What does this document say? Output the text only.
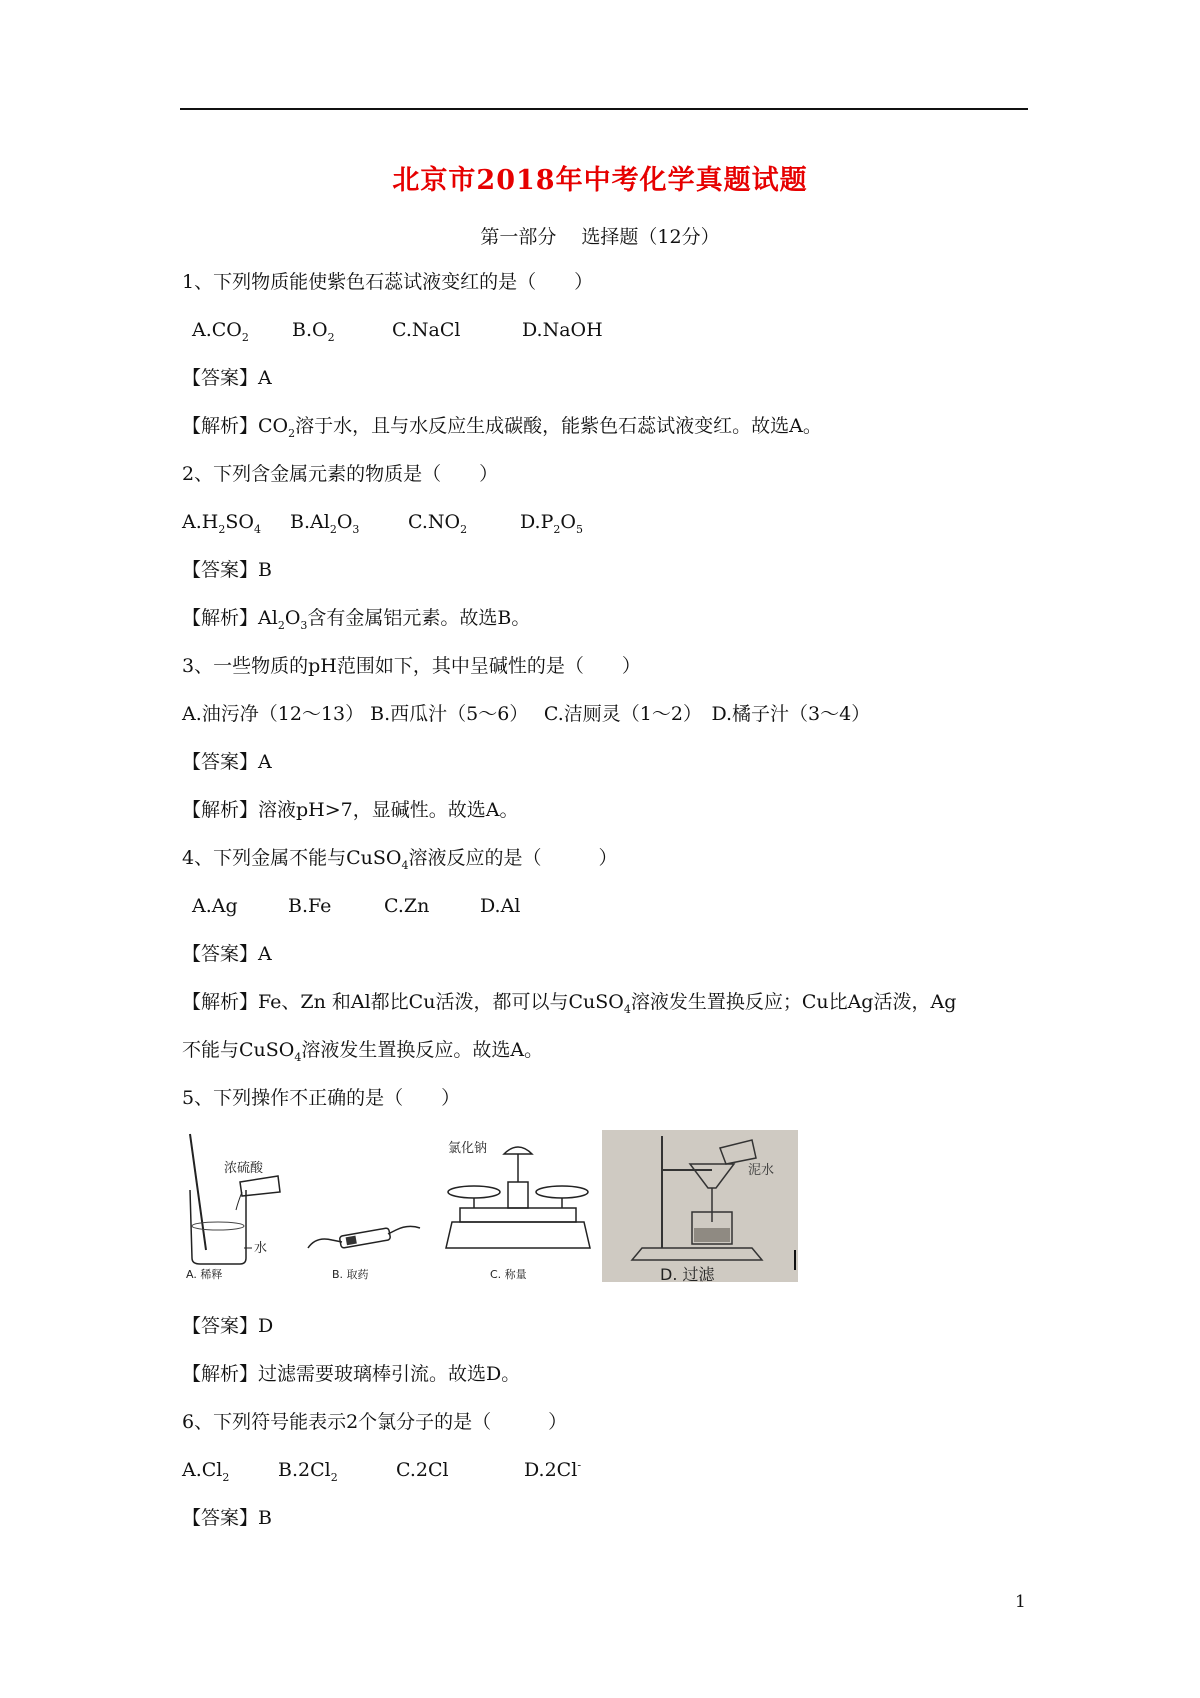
北京市2018年中考化学真题试题
第一部分　 选择题（12分）
1、下列物质能使紫色石蕊试液变红的是（　　）
$A.CO_2$ $B.O_2$	C.NaCl	D.NaOH
【答案】A
【解析】$CO_2$溶于水，且与水反应生成碳酸，能紫色石蕊试液变红。故选A。
2、下列含金属元素的物质是（　　）
$A.H_2SO_4$ $B.Al_2O_3$	$C.NO_2$	$D.P_2O_5$
【答案】B
【解析】$Al_2O_3$含有金属铝元素。故选B。
3、一些物质的pH范围如下，其中呈碱性的是（　　）
A.油污净（12～13） B.西瓜汁（5～6）　 C.洁厕灵（1～2）　D.橘子汁（3～4）
【答案】A
【解析】溶液pH>7，显碱性。故选A。
4、下列金属不能与CuSO$_4$溶液反应的是（　　　）
A.Ag	B.Fe	C.Zn	D.Al
【答案】A
【解析】Fe、Zn 和Al都比Cu活泼，都可以与CuSO$_4$溶液发生置换反应；Cu比Ag活泼，Ag
不能与CuSO$_4$溶液发生置换反应。故选A。
5、下列操作不正确的是（　　）
浓硫酸
水
A. 稀释	B. 取药
氯化钠
C. 称量
泥水
D. 过滤
【答案】D
【解析】过滤需要玻璃棒引流。故选D。
6、下列符号能表示2个氯分子的是（　　　）
$A.Cl_2$	$B.2Cl_2$	C.2Cl	D.2Cl-
【答案】B
1
